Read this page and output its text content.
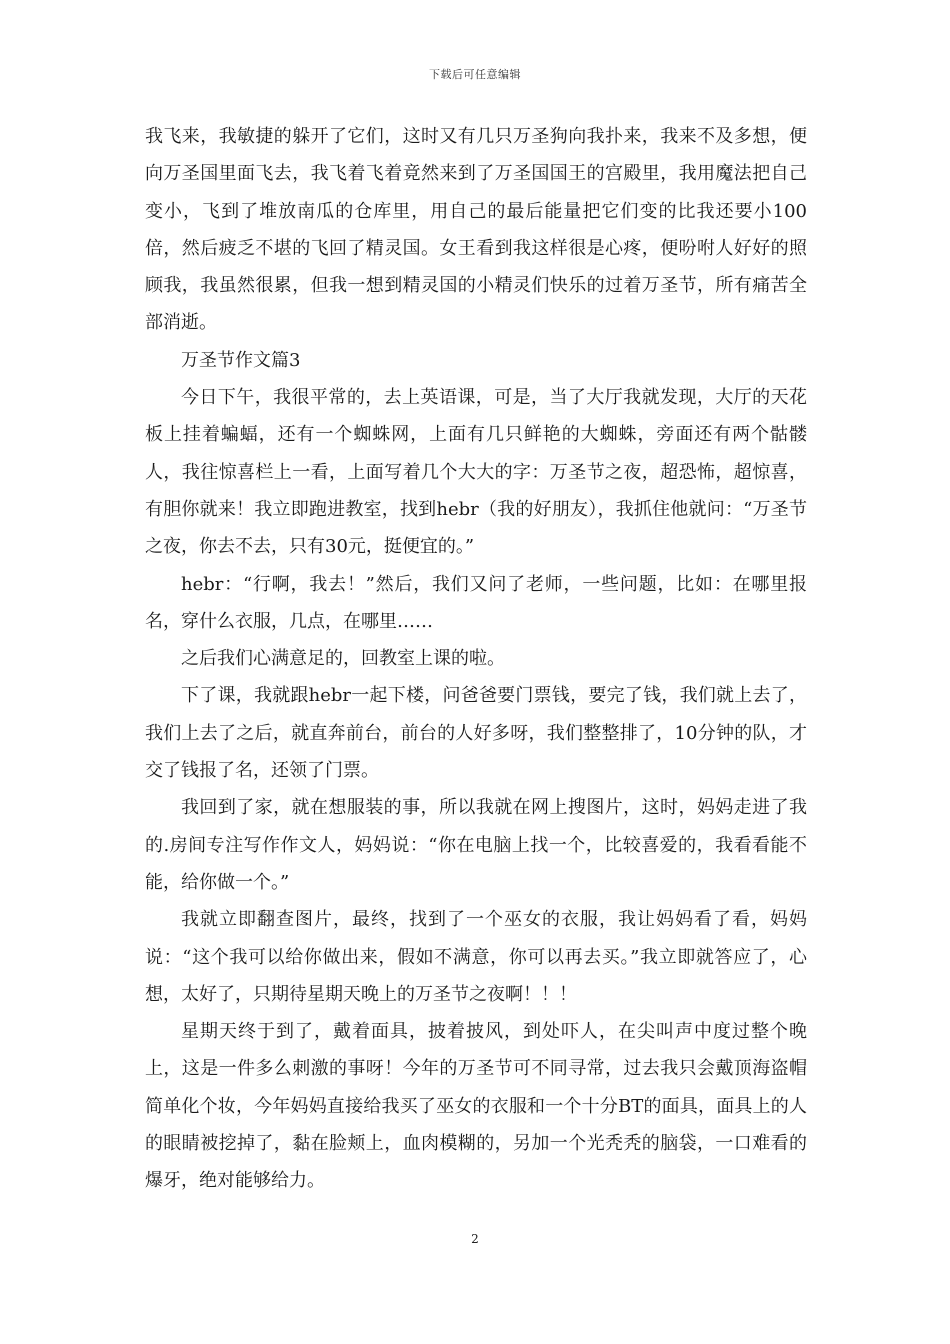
下载后可任意编辑

我飞来，我敏捷的躲开了它们，这时又有几只万圣狗向我扑来，我来不及多想，便向万圣国里面飞去，我飞着飞着竟然来到了万圣国国王的宫殿里，我用魔法把自己变小，飞到了堆放南瓜的仓库里，用自己的最后能量把它们变的比我还要小100倍，然后疲乏不堪的飞回了精灵国。女王看到我这样很是心疼，便吩咐人好好的照顾我，我虽然很累，但我一想到精灵国的小精灵们快乐的过着万圣节，所有痛苦全部消逝。

万圣节作文篇3

今日下午，我很平常的，去上英语课，可是，当了大厅我就发现，大厅的天花板上挂着蝙蝠，还有一个蜘蛛网，上面有几只鲜艳的大蜘蛛，旁面还有两个骷髅人，我往惊喜栏上一看，上面写着几个大大的字：万圣节之夜，超恐怖，超惊喜，有胆你就来！我立即跑进教室，找到hebr（我的好朋友），我抓住他就问：“万圣节之夜，你去不去，只有30元，挺便宜的。”

hebr：“行啊，我去！”然后，我们又问了老师，一些问题，比如：在哪里报名，穿什么衣服，几点，在哪里……

之后我们心满意足的，回教室上课的啦。

下了课，我就跟hebr一起下楼，问爸爸要门票钱，要完了钱，我们就上去了，我们上去了之后，就直奔前台，前台的人好多呀，我们整整排了，10分钟的队，才交了钱报了名，还领了门票。

我回到了家，就在想服装的事，所以我就在网上搜图片，这时，妈妈走进了我的.房间专注写作作文人，妈妈说：“你在电脑上找一个，比较喜爱的，我看看能不能，给你做一个。”

我就立即翻查图片，最终，找到了一个巫女的衣服，我让妈妈看了看，妈妈说：“这个我可以给你做出来，假如不满意，你可以再去买。”我立即就答应了，心想，太好了，只期待星期天晚上的万圣节之夜啊！！！

星期天终于到了，戴着面具，披着披风，到处吓人，在尖叫声中度过整个晚上，这是一件多么刺激的事呀！今年的万圣节可不同寻常，过去我只会戴顶海盗帽简单化个妆，今年妈妈直接给我买了巫女的衣服和一个十分BT的面具，面具上的人的眼睛被挖掉了，黏在脸颊上，血肉模糊的，另加一个光秃秃的脑袋，一口难看的爆牙，绝对能够给力。

2
